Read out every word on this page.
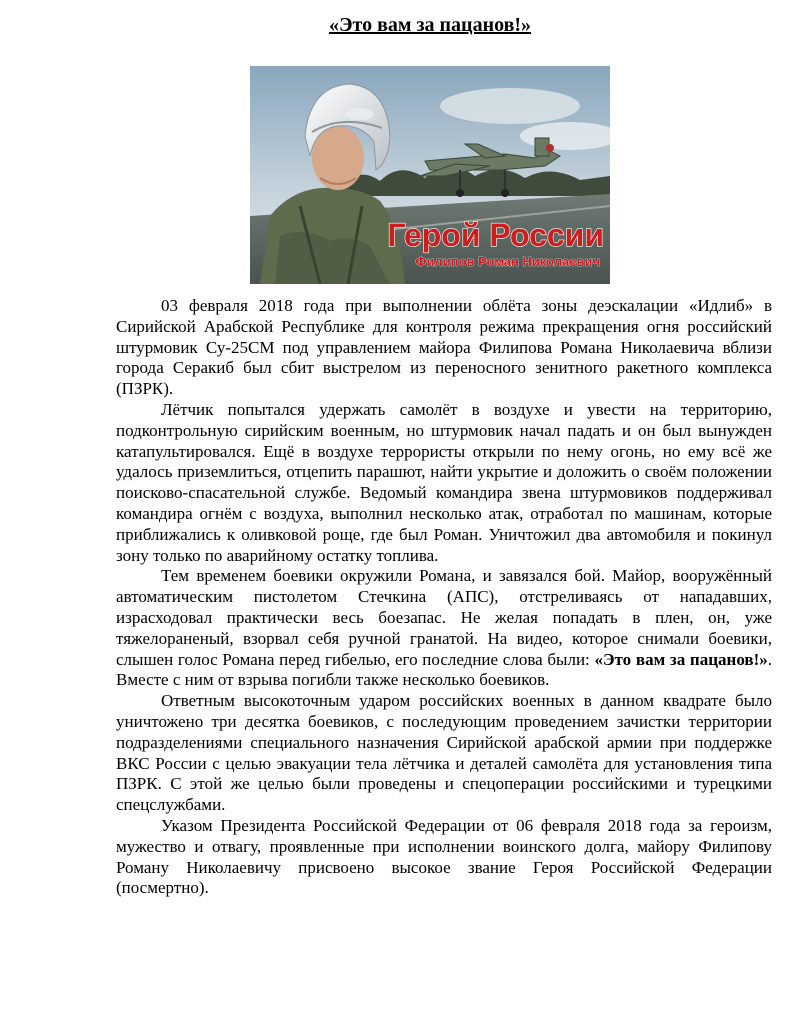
«Это вам за пацанов!»
Герой России
Филипов Роман Николаевич

03 февраля 2018 года при выполнении облёта зоны деэскалации «Идлиб» в Сирийской Арабской Республике для контроля режима прекращения огня российский штурмовик Су-25СМ под управлением майора Филипова Романа Николаевича вблизи города Серакиб был сбит выстрелом из переносного зенитного ракетного комплекса (ПЗРК).

Лётчик попытался удержать самолёт в воздухе и увести на территорию, подконтрольную сирийским военным, но штурмовик начал падать и он был вынужден катапультировался. Ещё в воздухе террористы открыли по нему огонь, но ему всё же удалось приземлиться, отцепить парашют, найти укрытие и доложить о своём положении поисково-спасательной службе. Ведомый командира звена штурмовиков поддерживал командира огнём с воздуха, выполнил несколько атак, отработал по машинам, которые приближались к оливковой роще, где был Роман. Уничтожил два автомобиля и покинул зону только по аварийному остатку топлива.

Тем временем боевики окружили Романа, и завязался бой. Майор, вооружённый автоматическим пистолетом Стечкина (АПС), отстреливаясь от нападавших, израсходовал практически весь боезапас. Не желая попадать в плен, он, уже тяжелораненый, взорвал себя ручной гранатой. На видео, которое снимали боевики, слышен голос Романа перед гибелью, его последние слова были: «Это вам за пацанов!». Вместе с ним от взрыва погибли также несколько боевиков.

Ответным высокоточным ударом российских военных в данном квадрате было уничтожено три десятка боевиков, с последующим проведением зачистки территории подразделениями специального назначения Сирийской арабской армии при поддержке ВКС России с целью эвакуации тела лётчика и деталей самолёта для установления типа ПЗРК. С этой же целью были проведены и спецоперации российскими и турецкими спецслужбами.

Указом Президента Российской Федерации от 06 февраля 2018 года за героизм, мужество и отвагу, проявленные при исполнении воинского долга, майору Филипову Роману Николаевичу присвоено высокое звание Героя Российской Федерации (посмертно).
